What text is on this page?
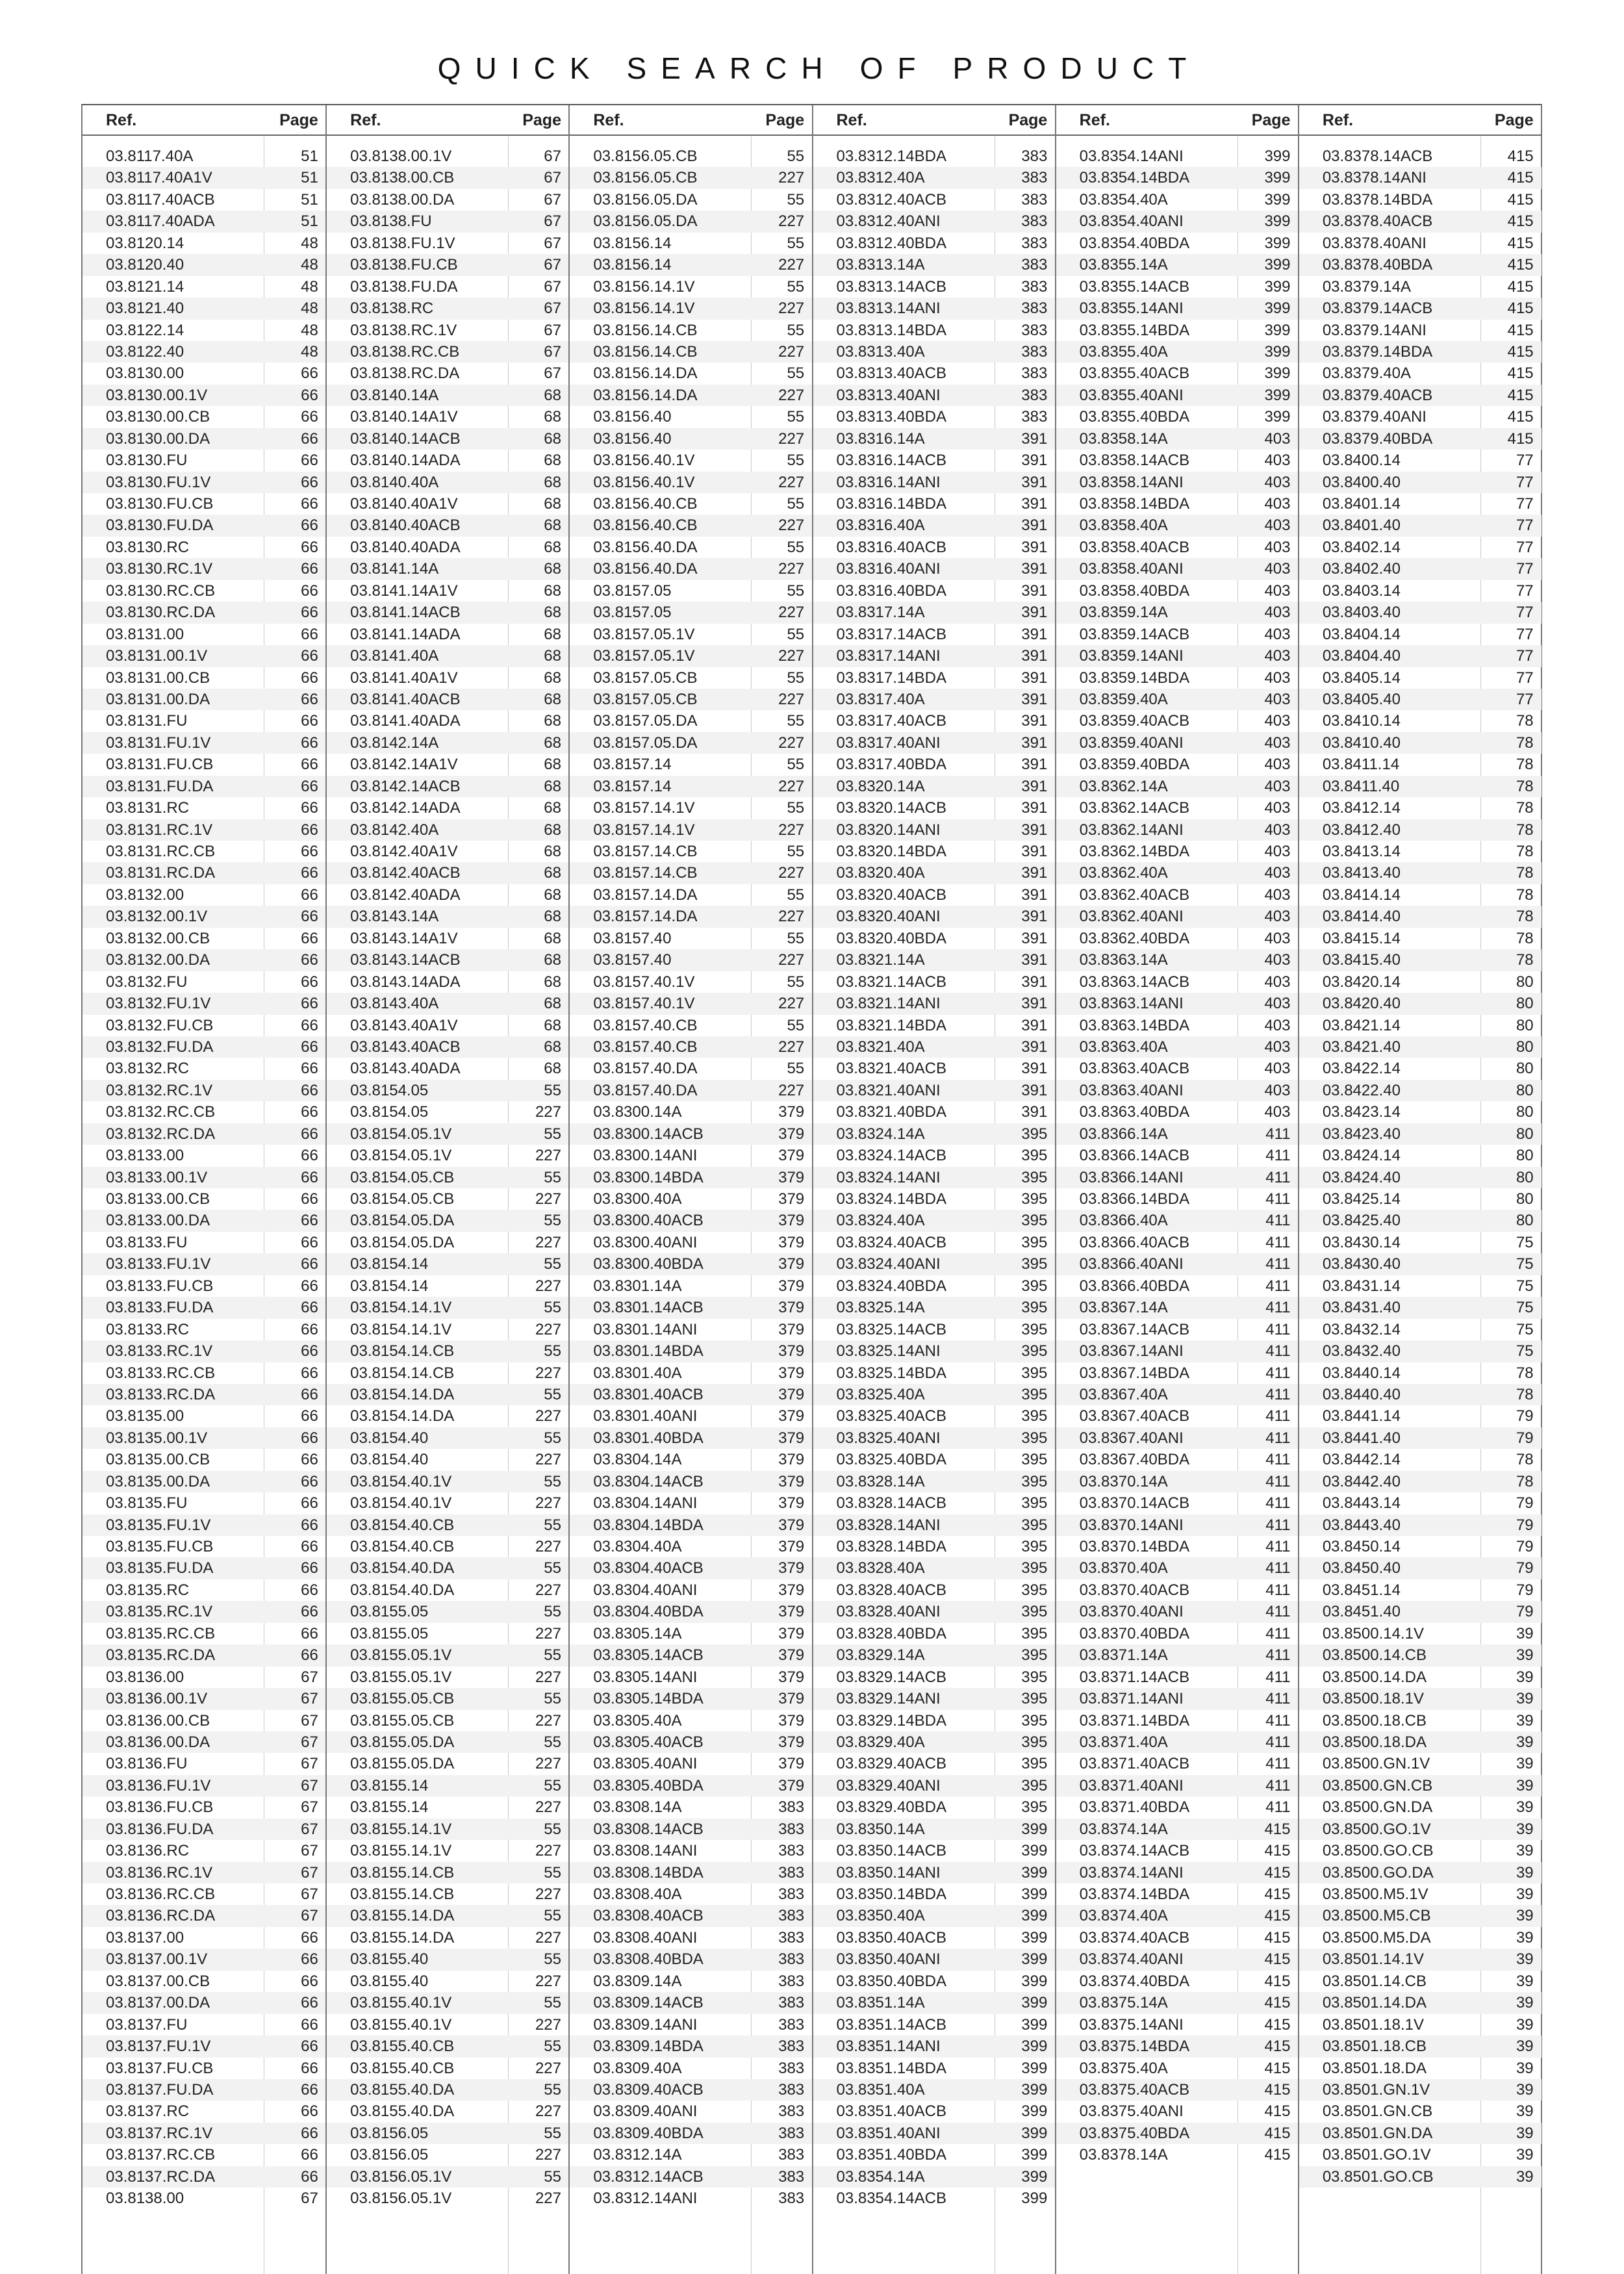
QUICK SEARCH OF PRODUCT
Ref.	Page
03.8117.40A	51
03.8117.40A1V	51
03.8117.40ACB	51
03.8117.40ADA	51
03.8120.14	48
03.8120.40	48
03.8121.14	48
03.8121.40	48
03.8122.14	48
03.8122.40	48
03.8130.00	66
03.8130.00.1V	66
03.8130.00.CB	66
03.8130.00.DA	66
03.8130.FU	66
03.8130.FU.1V	66
03.8130.FU.CB	66
03.8130.FU.DA	66
03.8130.RC	66
03.8130.RC.1V	66
03.8130.RC.CB	66
03.8130.RC.DA	66
03.8131.00	66
03.8131.00.1V	66
03.8131.00.CB	66
03.8131.00.DA	66
03.8131.FU	66
03.8131.FU.1V	66
03.8131.FU.CB	66
03.8131.FU.DA	66
03.8131.RC	66
03.8131.RC.1V	66
03.8131.RC.CB	66
03.8131.RC.DA	66
03.8132.00	66
03.8132.00.1V	66
03.8132.00.CB	66
03.8132.00.DA	66
03.8132.FU	66
03.8132.FU.1V	66
03.8132.FU.CB	66
03.8132.FU.DA	66
03.8132.RC	66
03.8132.RC.1V	66
03.8132.RC.CB	66
03.8132.RC.DA	66
03.8133.00	66
03.8133.00.1V	66
03.8133.00.CB	66
03.8133.00.DA	66
03.8133.FU	66
03.8133.FU.1V	66
03.8133.FU.CB	66
03.8133.FU.DA	66
03.8133.RC	66
03.8133.RC.1V	66
03.8133.RC.CB	66
03.8133.RC.DA	66
03.8135.00	66
03.8135.00.1V	66
03.8135.00.CB	66
03.8135.00.DA	66
03.8135.FU	66
03.8135.FU.1V	66
03.8135.FU.CB	66
03.8135.FU.DA	66
03.8135.RC	66
03.8135.RC.1V	66
03.8135.RC.CB	66
03.8135.RC.DA	66
03.8136.00	67
03.8136.00.1V	67
03.8136.00.CB	67
03.8136.00.DA	67
03.8136.FU	67
03.8136.FU.1V	67
03.8136.FU.CB	67
03.8136.FU.DA	67
03.8136.RC	67
03.8136.RC.1V	67
03.8136.RC.CB	67
03.8136.RC.DA	67
03.8137.00	66
03.8137.00.1V	66
03.8137.00.CB	66
03.8137.00.DA	66
03.8137.FU	66
03.8137.FU.1V	66
03.8137.FU.CB	66
03.8137.FU.DA	66
03.8137.RC	66
03.8137.RC.1V	66
03.8137.RC.CB	66
03.8137.RC.DA	66
03.8138.00	67
Ref.	Page
03.8138.00.1V	67
03.8138.00.CB	67
03.8138.00.DA	67
03.8138.FU	67
03.8138.FU.1V	67
03.8138.FU.CB	67
03.8138.FU.DA	67
03.8138.RC	67
03.8138.RC.1V	67
03.8138.RC.CB	67
03.8138.RC.DA	67
03.8140.14A	68
03.8140.14A1V	68
03.8140.14ACB	68
03.8140.14ADA	68
03.8140.40A	68
03.8140.40A1V	68
03.8140.40ACB	68
03.8140.40ADA	68
03.8141.14A	68
03.8141.14A1V	68
03.8141.14ACB	68
03.8141.14ADA	68
03.8141.40A	68
03.8141.40A1V	68
03.8141.40ACB	68
03.8141.40ADA	68
03.8142.14A	68
03.8142.14A1V	68
03.8142.14ACB	68
03.8142.14ADA	68
03.8142.40A	68
03.8142.40A1V	68
03.8142.40ACB	68
03.8142.40ADA	68
03.8143.14A	68
03.8143.14A1V	68
03.8143.14ACB	68
03.8143.14ADA	68
03.8143.40A	68
03.8143.40A1V	68
03.8143.40ACB	68
03.8143.40ADA	68
03.8154.05	55
03.8154.05	227
03.8154.05.1V	55
03.8154.05.1V	227
03.8154.05.CB	55
03.8154.05.CB	227
03.8154.05.DA	55
03.8154.05.DA	227
03.8154.14	55
03.8154.14	227
03.8154.14.1V	55
03.8154.14.1V	227
03.8154.14.CB	55
03.8154.14.CB	227
03.8154.14.DA	55
03.8154.14.DA	227
03.8154.40	55
03.8154.40	227
03.8154.40.1V	55
03.8154.40.1V	227
03.8154.40.CB	55
03.8154.40.CB	227
03.8154.40.DA	55
03.8154.40.DA	227
03.8155.05	55
03.8155.05	227
03.8155.05.1V	55
03.8155.05.1V	227
03.8155.05.CB	55
03.8155.05.CB	227
03.8155.05.DA	55
03.8155.05.DA	227
03.8155.14	55
03.8155.14	227
03.8155.14.1V	55
03.8155.14.1V	227
03.8155.14.CB	55
03.8155.14.CB	227
03.8155.14.DA	55
03.8155.14.DA	227
03.8155.40	55
03.8155.40	227
03.8155.40.1V	55
03.8155.40.1V	227
03.8155.40.CB	55
03.8155.40.CB	227
03.8155.40.DA	55
03.8155.40.DA	227
03.8156.05	55
03.8156.05	227
03.8156.05.1V	55
03.8156.05.1V	227
Ref.	Page
03.8156.05.CB	55
03.8156.05.CB	227
03.8156.05.DA	55
03.8156.05.DA	227
03.8156.14	55
03.8156.14	227
03.8156.14.1V	55
03.8156.14.1V	227
03.8156.14.CB	55
03.8156.14.CB	227
03.8156.14.DA	55
03.8156.14.DA	227
03.8156.40	55
03.8156.40	227
03.8156.40.1V	55
03.8156.40.1V	227
03.8156.40.CB	55
03.8156.40.CB	227
03.8156.40.DA	55
03.8156.40.DA	227
03.8157.05	55
03.8157.05	227
03.8157.05.1V	55
03.8157.05.1V	227
03.8157.05.CB	55
03.8157.05.CB	227
03.8157.05.DA	55
03.8157.05.DA	227
03.8157.14	55
03.8157.14	227
03.8157.14.1V	55
03.8157.14.1V	227
03.8157.14.CB	55
03.8157.14.CB	227
03.8157.14.DA	55
03.8157.14.DA	227
03.8157.40	55
03.8157.40	227
03.8157.40.1V	55
03.8157.40.1V	227
03.8157.40.CB	55
03.8157.40.CB	227
03.8157.40.DA	55
03.8157.40.DA	227
03.8300.14A	379
03.8300.14ACB	379
03.8300.14ANI	379
03.8300.14BDA	379
03.8300.40A	379
03.8300.40ACB	379
03.8300.40ANI	379
03.8300.40BDA	379
03.8301.14A	379
03.8301.14ACB	379
03.8301.14ANI	379
03.8301.14BDA	379
03.8301.40A	379
03.8301.40ACB	379
03.8301.40ANI	379
03.8301.40BDA	379
03.8304.14A	379
03.8304.14ACB	379
03.8304.14ANI	379
03.8304.14BDA	379
03.8304.40A	379
03.8304.40ACB	379
03.8304.40ANI	379
03.8304.40BDA	379
03.8305.14A	379
03.8305.14ACB	379
03.8305.14ANI	379
03.8305.14BDA	379
03.8305.40A	379
03.8305.40ACB	379
03.8305.40ANI	379
03.8305.40BDA	379
03.8308.14A	383
03.8308.14ACB	383
03.8308.14ANI	383
03.8308.14BDA	383
03.8308.40A	383
03.8308.40ACB	383
03.8308.40ANI	383
03.8308.40BDA	383
03.8309.14A	383
03.8309.14ACB	383
03.8309.14ANI	383
03.8309.14BDA	383
03.8309.40A	383
03.8309.40ACB	383
03.8309.40ANI	383
03.8309.40BDA	383
03.8312.14A	383
03.8312.14ACB	383
03.8312.14ANI	383
Ref.	Page
03.8312.14BDA	383
03.8312.40A	383
03.8312.40ACB	383
03.8312.40ANI	383
03.8312.40BDA	383
03.8313.14A	383
03.8313.14ACB	383
03.8313.14ANI	383
03.8313.14BDA	383
03.8313.40A	383
03.8313.40ACB	383
03.8313.40ANI	383
03.8313.40BDA	383
03.8316.14A	391
03.8316.14ACB	391
03.8316.14ANI	391
03.8316.14BDA	391
03.8316.40A	391
03.8316.40ACB	391
03.8316.40ANI	391
03.8316.40BDA	391
03.8317.14A	391
03.8317.14ACB	391
03.8317.14ANI	391
03.8317.14BDA	391
03.8317.40A	391
03.8317.40ACB	391
03.8317.40ANI	391
03.8317.40BDA	391
03.8320.14A	391
03.8320.14ACB	391
03.8320.14ANI	391
03.8320.14BDA	391
03.8320.40A	391
03.8320.40ACB	391
03.8320.40ANI	391
03.8320.40BDA	391
03.8321.14A	391
03.8321.14ACB	391
03.8321.14ANI	391
03.8321.14BDA	391
03.8321.40A	391
03.8321.40ACB	391
03.8321.40ANI	391
03.8321.40BDA	391
03.8324.14A	395
03.8324.14ACB	395
03.8324.14ANI	395
03.8324.14BDA	395
03.8324.40A	395
03.8324.40ACB	395
03.8324.40ANI	395
03.8324.40BDA	395
03.8325.14A	395
03.8325.14ACB	395
03.8325.14ANI	395
03.8325.14BDA	395
03.8325.40A	395
03.8325.40ACB	395
03.8325.40ANI	395
03.8325.40BDA	395
03.8328.14A	395
03.8328.14ACB	395
03.8328.14ANI	395
03.8328.14BDA	395
03.8328.40A	395
03.8328.40ACB	395
03.8328.40ANI	395
03.8328.40BDA	395
03.8329.14A	395
03.8329.14ACB	395
03.8329.14ANI	395
03.8329.14BDA	395
03.8329.40A	395
03.8329.40ACB	395
03.8329.40ANI	395
03.8329.40BDA	395
03.8350.14A	399
03.8350.14ACB	399
03.8350.14ANI	399
03.8350.14BDA	399
03.8350.40A	399
03.8350.40ACB	399
03.8350.40ANI	399
03.8350.40BDA	399
03.8351.14A	399
03.8351.14ACB	399
03.8351.14ANI	399
03.8351.14BDA	399
03.8351.40A	399
03.8351.40ACB	399
03.8351.40ANI	399
03.8351.40BDA	399
03.8354.14A	399
03.8354.14ACB	399
Ref.	Page
03.8354.14ANI	399
03.8354.14BDA	399
03.8354.40A	399
03.8354.40ANI	399
03.8354.40BDA	399
03.8355.14A	399
03.8355.14ACB	399
03.8355.14ANI	399
03.8355.14BDA	399
03.8355.40A	399
03.8355.40ACB	399
03.8355.40ANI	399
03.8355.40BDA	399
03.8358.14A	403
03.8358.14ACB	403
03.8358.14ANI	403
03.8358.14BDA	403
03.8358.40A	403
03.8358.40ACB	403
03.8358.40ANI	403
03.8358.40BDA	403
03.8359.14A	403
03.8359.14ACB	403
03.8359.14ANI	403
03.8359.14BDA	403
03.8359.40A	403
03.8359.40ACB	403
03.8359.40ANI	403
03.8359.40BDA	403
03.8362.14A	403
03.8362.14ACB	403
03.8362.14ANI	403
03.8362.14BDA	403
03.8362.40A	403
03.8362.40ACB	403
03.8362.40ANI	403
03.8362.40BDA	403
03.8363.14A	403
03.8363.14ACB	403
03.8363.14ANI	403
03.8363.14BDA	403
03.8363.40A	403
03.8363.40ACB	403
03.8363.40ANI	403
03.8363.40BDA	403
03.8366.14A	411
03.8366.14ACB	411
03.8366.14ANI	411
03.8366.14BDA	411
03.8366.40A	411
03.8366.40ACB	411
03.8366.40ANI	411
03.8366.40BDA	411
03.8367.14A	411
03.8367.14ACB	411
03.8367.14ANI	411
03.8367.14BDA	411
03.8367.40A	411
03.8367.40ACB	411
03.8367.40ANI	411
03.8367.40BDA	411
03.8370.14A	411
03.8370.14ACB	411
03.8370.14ANI	411
03.8370.14BDA	411
03.8370.40A	411
03.8370.40ACB	411
03.8370.40ANI	411
03.8370.40BDA	411
03.8371.14A	411
03.8371.14ACB	411
03.8371.14ANI	411
03.8371.14BDA	411
03.8371.40A	411
03.8371.40ACB	411
03.8371.40ANI	411
03.8371.40BDA	411
03.8374.14A	415
03.8374.14ACB	415
03.8374.14ANI	415
03.8374.14BDA	415
03.8374.40A	415
03.8374.40ACB	415
03.8374.40ANI	415
03.8374.40BDA	415
03.8375.14A	415
03.8375.14ANI	415
03.8375.14BDA	415
03.8375.40A	415
03.8375.40ACB	415
03.8375.40ANI	415
03.8375.40BDA	415
03.8378.14A	415
Ref.	Page
03.8378.14ACB	415
03.8378.14ANI	415
03.8378.14BDA	415
03.8378.40ACB	415
03.8378.40ANI	415
03.8378.40BDA	415
03.8379.14A	415
03.8379.14ACB	415
03.8379.14ANI	415
03.8379.14BDA	415
03.8379.40A	415
03.8379.40ACB	415
03.8379.40ANI	415
03.8379.40BDA	415
03.8400.14	77
03.8400.40	77
03.8401.14	77
03.8401.40	77
03.8402.14	77
03.8402.40	77
03.8403.14	77
03.8403.40	77
03.8404.14	77
03.8404.40	77
03.8405.14	77
03.8405.40	77
03.8410.14	78
03.8410.40	78
03.8411.14	78
03.8411.40	78
03.8412.14	78
03.8412.40	78
03.8413.14	78
03.8413.40	78
03.8414.14	78
03.8414.40	78
03.8415.14	78
03.8415.40	78
03.8420.14	80
03.8420.40	80
03.8421.14	80
03.8421.40	80
03.8422.14	80
03.8422.40	80
03.8423.14	80
03.8423.40	80
03.8424.14	80
03.8424.40	80
03.8425.14	80
03.8425.40	80
03.8430.14	75
03.8430.40	75
03.8431.14	75
03.8431.40	75
03.8432.14	75
03.8432.40	75
03.8440.14	78
03.8440.40	78
03.8441.14	79
03.8441.40	79
03.8442.14	78
03.8442.40	78
03.8443.14	79
03.8443.40	79
03.8450.14	79
03.8450.40	79
03.8451.14	79
03.8451.40	79
03.8500.14.1V	39
03.8500.14.CB	39
03.8500.14.DA	39
03.8500.18.1V	39
03.8500.18.CB	39
03.8500.18.DA	39
03.8500.GN.1V	39
03.8500.GN.CB	39
03.8500.GN.DA	39
03.8500.GO.1V	39
03.8500.GO.CB	39
03.8500.GO.DA	39
03.8500.M5.1V	39
03.8500.M5.CB	39
03.8500.M5.DA	39
03.8501.14.1V	39
03.8501.14.CB	39
03.8501.14.DA	39
03.8501.18.1V	39
03.8501.18.CB	39
03.8501.18.DA	39
03.8501.GN.1V	39
03.8501.GN.CB	39
03.8501.GN.DA	39
03.8501.GO.1V	39
03.8501.GO.CB	39
